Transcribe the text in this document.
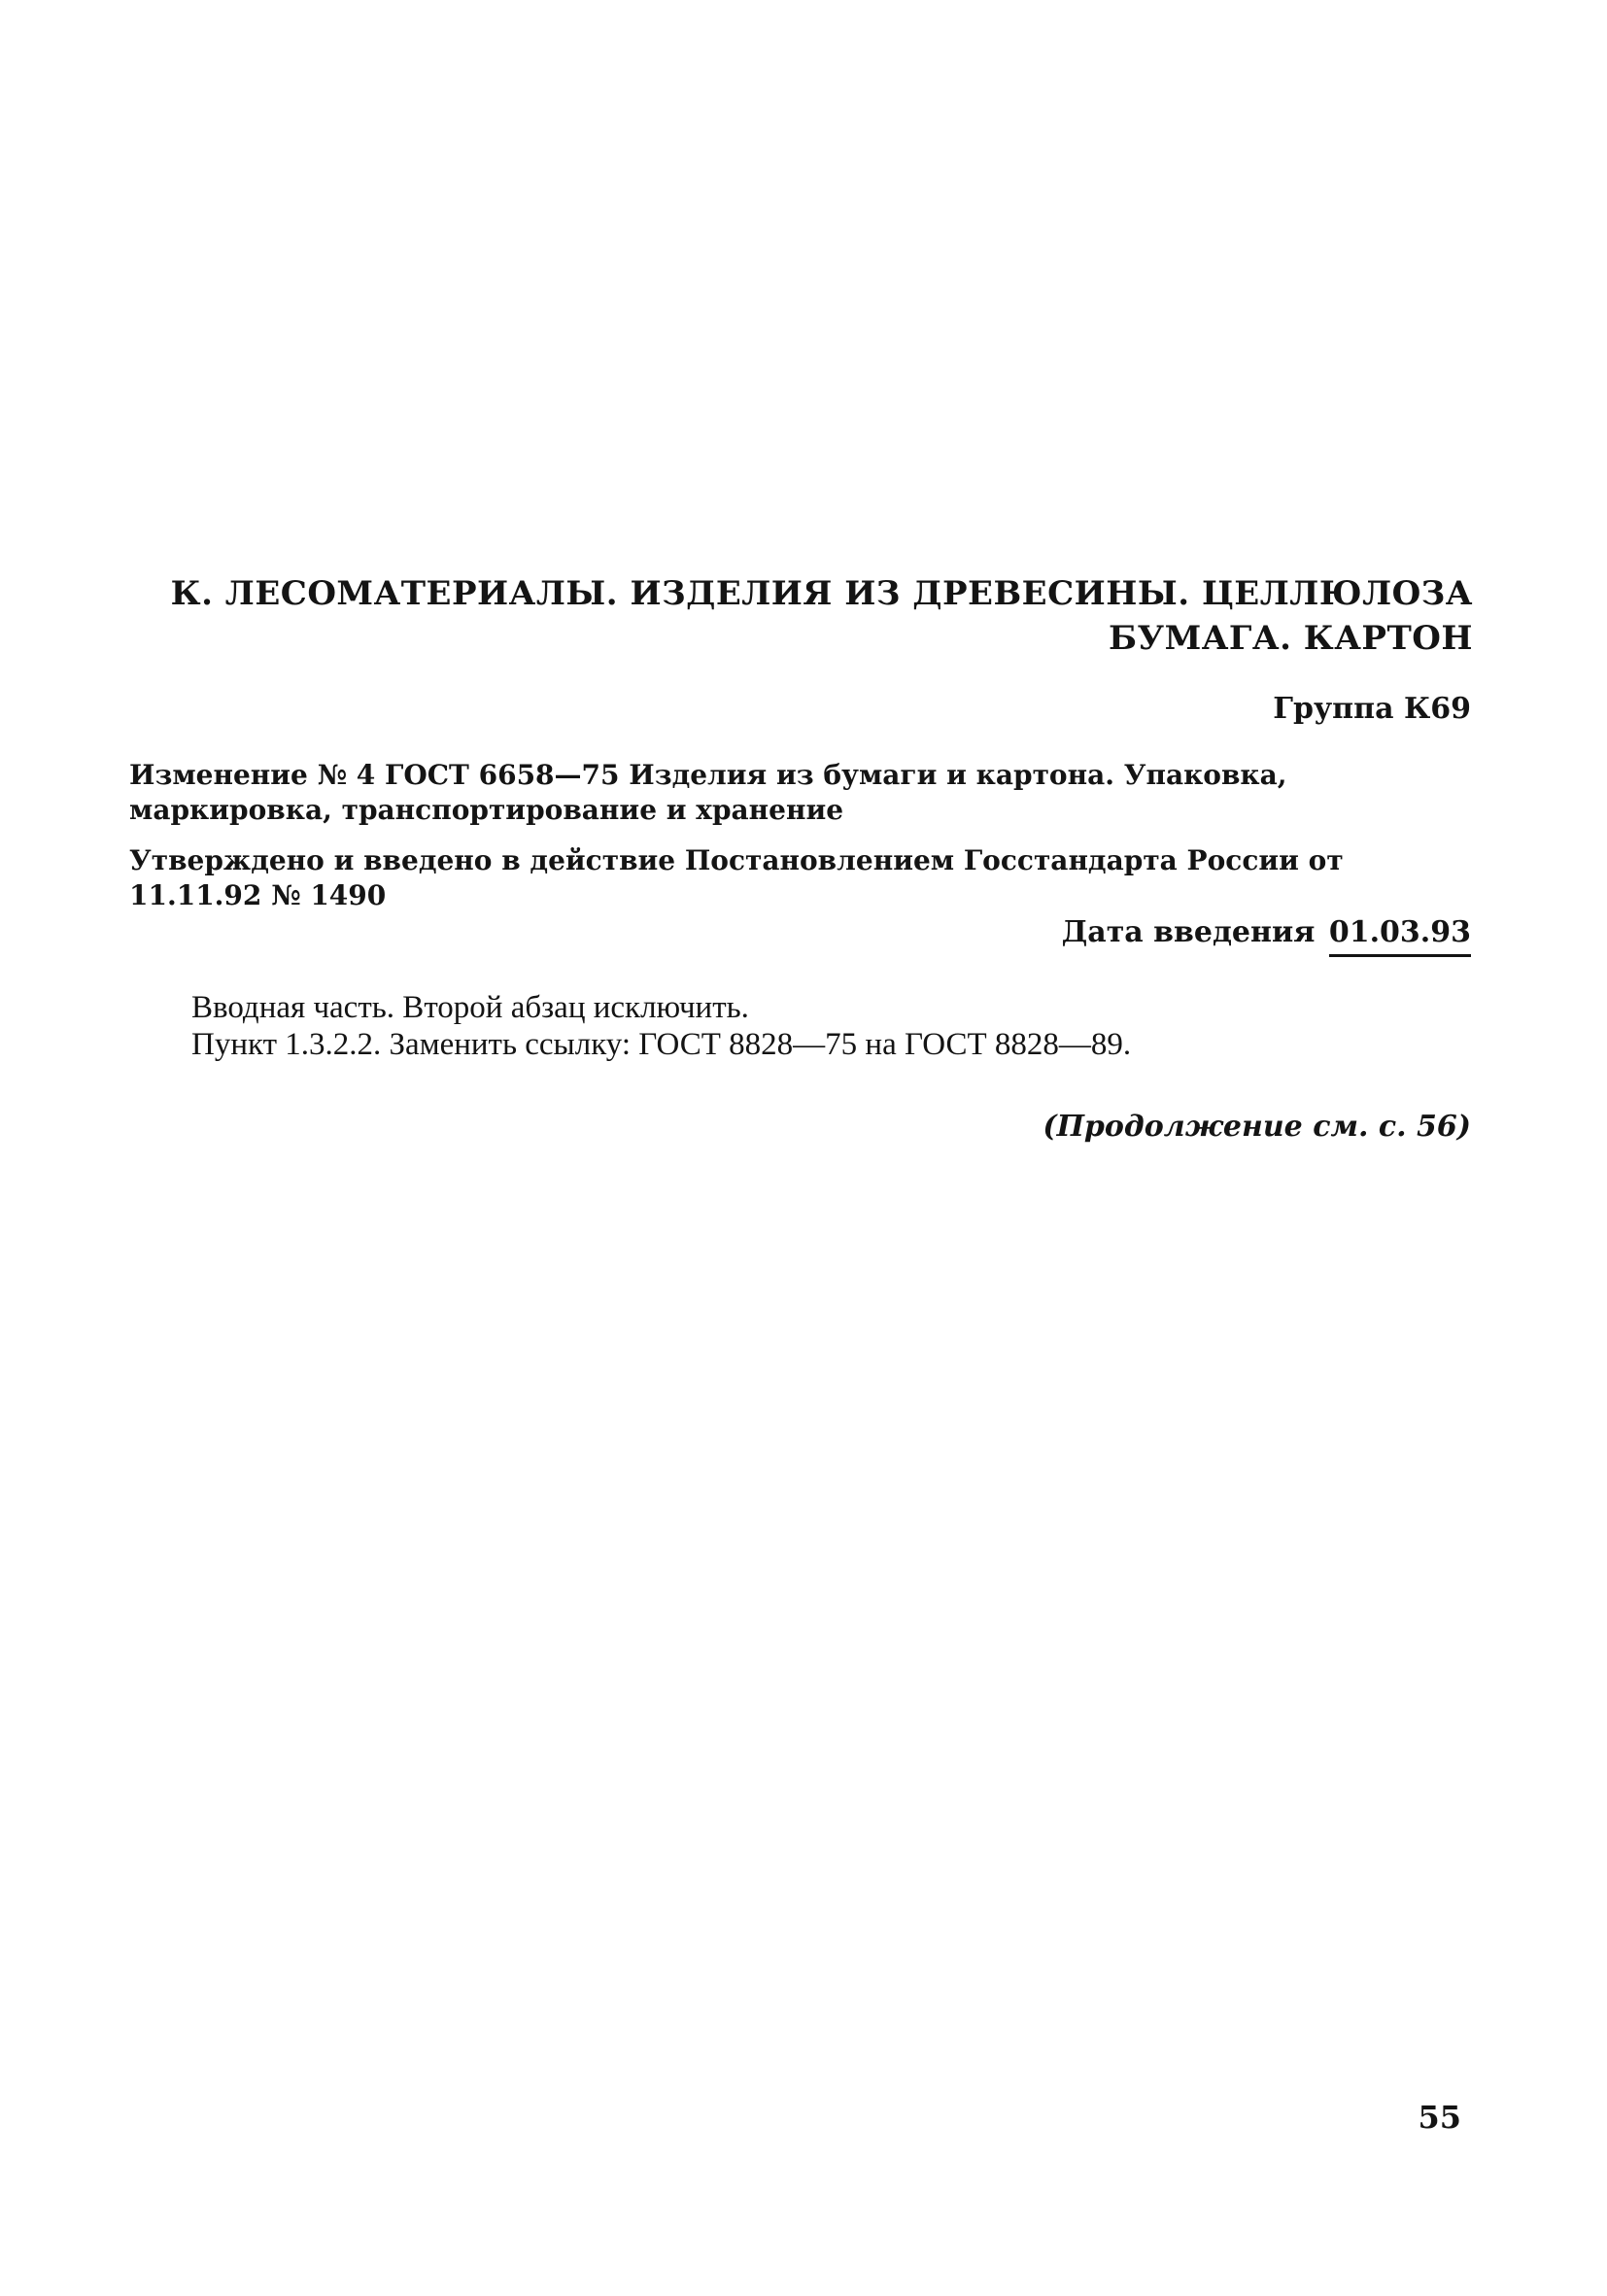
К. ЛЕСОМАТЕРИАЛЫ. ИЗДЕЛИЯ ИЗ ДРЕВЕСИНЫ. ЦЕЛЛЮЛОЗА
БУМАГА. КАРТОН
Группа К69
Изменение № 4 ГОСТ 6658—75 Изделия из бумаги и картона. Упаковка,
маркировка, транспортирование и хранение
Утверждено и введено в действие Постановлением Госстандарта России от
11.11.92 № 1490
Дата введения 01.03.93
Вводная часть. Второй абзац исключить.
Пункт 1.3.2.2. Заменить ссылку: ГОСТ 8828—75 на ГОСТ 8828—89.
(Продолжение см. с. 56)
55
